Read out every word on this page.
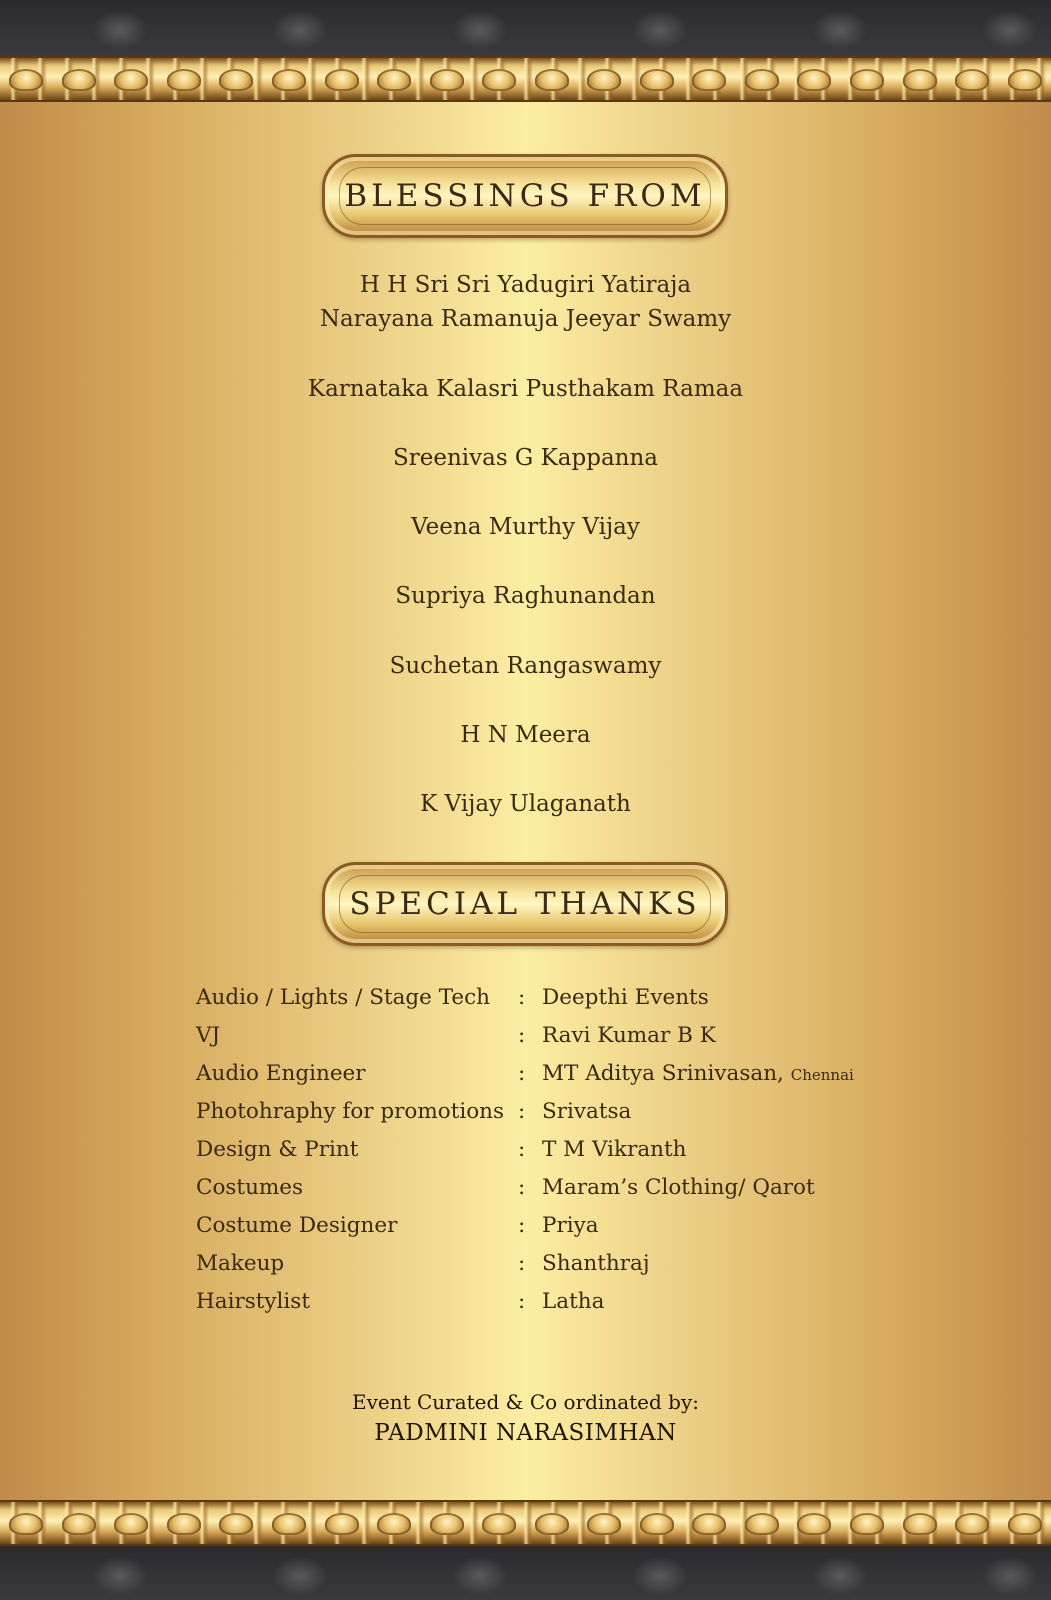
BLESSINGS FROM
H H Sri Sri Yadugiri Yatiraja
Narayana Ramanuja Jeeyar Swamy
Karnataka Kalasri Pusthakam Ramaa
Sreenivas G Kappanna
Veena Murthy Vijay
Supriya Raghunandan
Suchetan Rangaswamy
H N Meera
K Vijay Ulaganath
SPECIAL THANKS
Audio / Lights / Stage Tech : Deepthi Events
VJ	: Ravi Kumar B K
Audio Engineer	: MT Aditya Srinivasan, Chennai
Photohraphy for promotions : Srivatsa
Design & Print	: T M Vikranth
Costumes	: Maram’s Clothing/ Qarot
Costume Designer	: Priya
Makeup	: Shanthraj
Hairstylist	: Latha
Event Curated & Co ordinated by:
PADMINI NARASIMHAN
